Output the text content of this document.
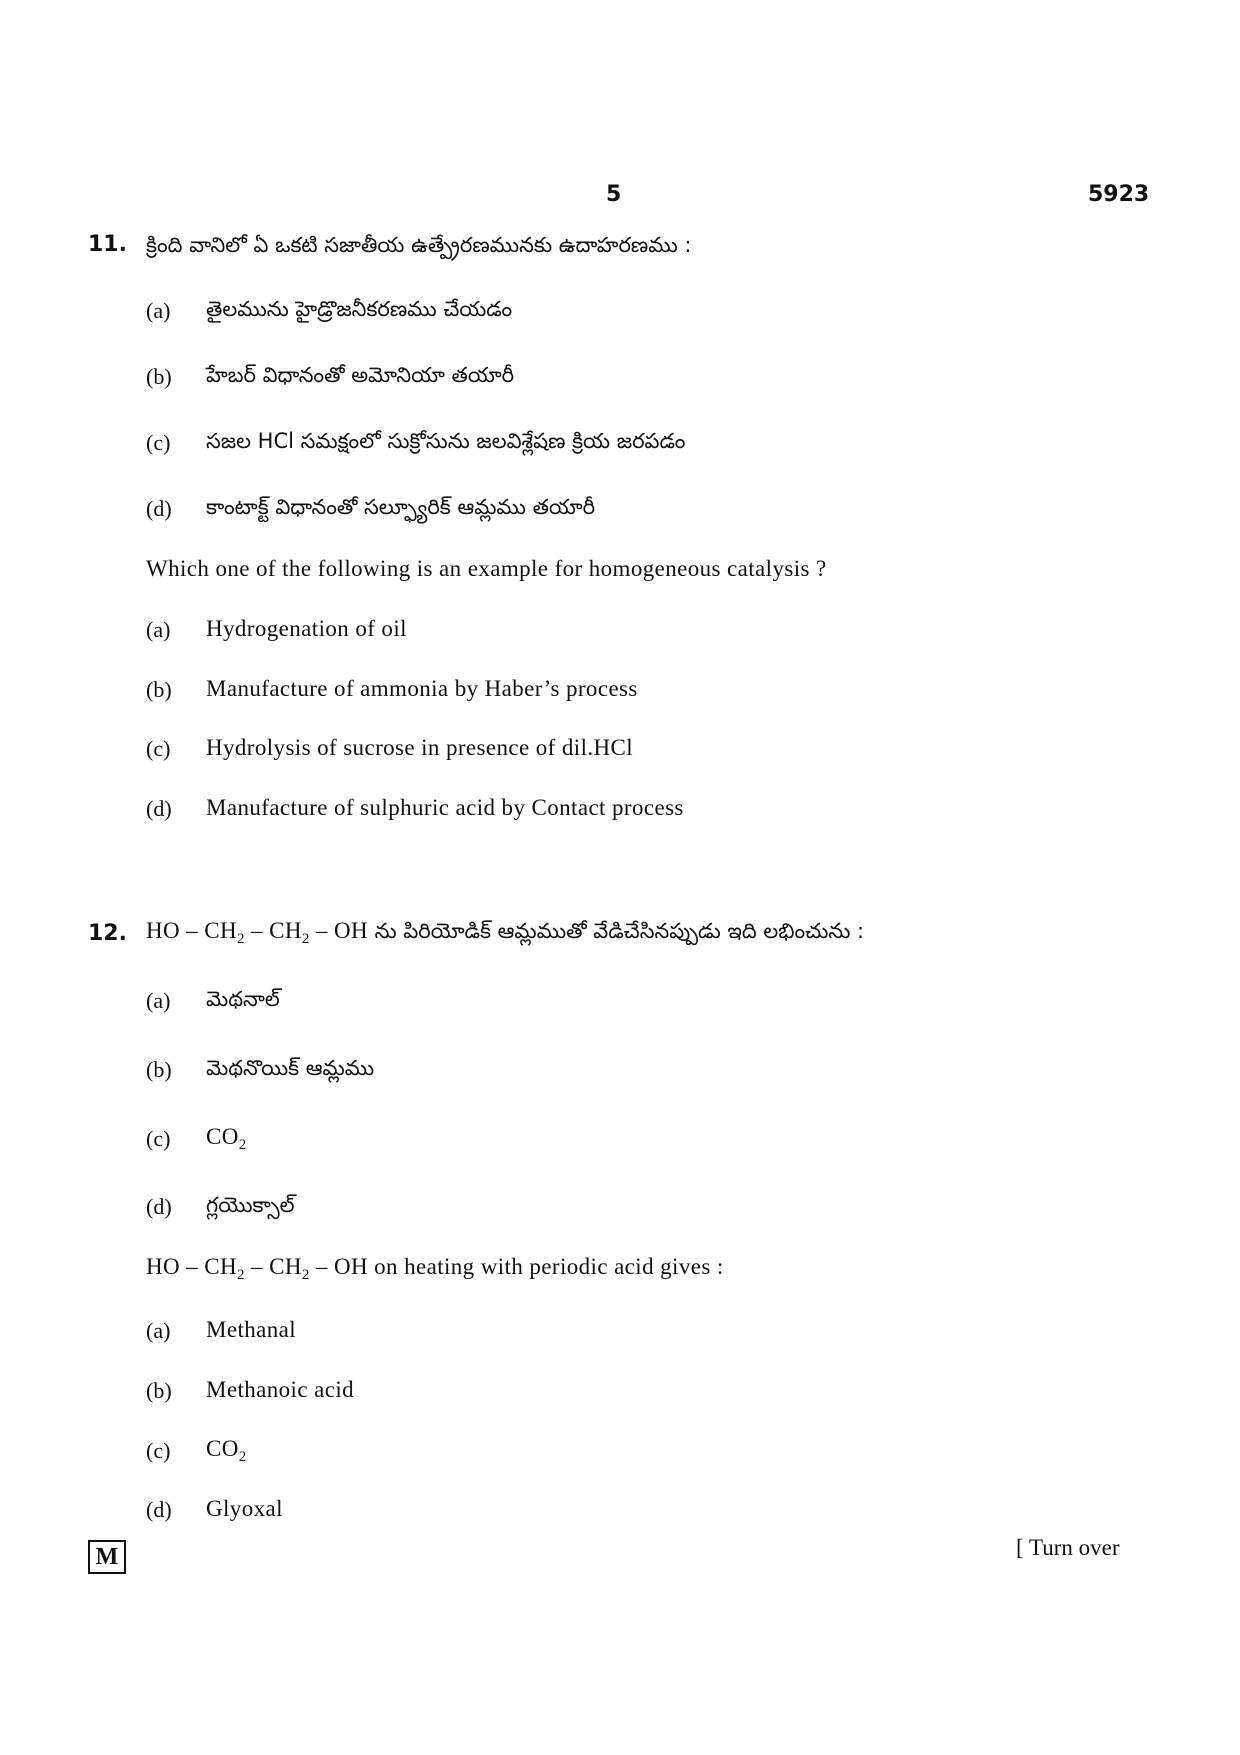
5	5923
11. క్రింది వానిలో ఏ ఒకటి సజాతీయ ఉత్ప్రేరణమునకు ఉదాహరణము :
(a) తైలమును హైడ్రొజనీకరణము చేయడం
(b) హేబర్ విధానంతో అమోనియా తయారీ
(c) సజల HCl సమక్షంలో సుక్రోసును జలవిశ్లేషణ క్రియ జరపడం
(d) కాంటాక్ట్ విధానంతో సల్ఫ్యూరిక్ ఆమ్లము తయారీ
Which one of the following is an example for homogeneous catalysis ?
(a) Hydrogenation of oil
(b) Manufacture of ammonia by Haber’s process
(c) Hydrolysis of sucrose in presence of dil.HCl
(d) Manufacture of sulphuric acid by Contact process
12. HO – $CH_2 - CH_2$ – OH ను పిరియోడిక్ ఆమ్లముతో వేడిచేసినప్పుడు ఇది లభించును :
(a) మెథనాల్
(b) మెథనొయిక్ ఆమ్లము
(c) $CO_2$
(d) గ్లయొక్సాల్
HO – $CH_2 - CH_2$ – OH on heating with periodic acid gives :
(a) Methanal
(b) Methanoic acid
(c) $CO_2$
(d) Glyoxal
M	[ Turn over
